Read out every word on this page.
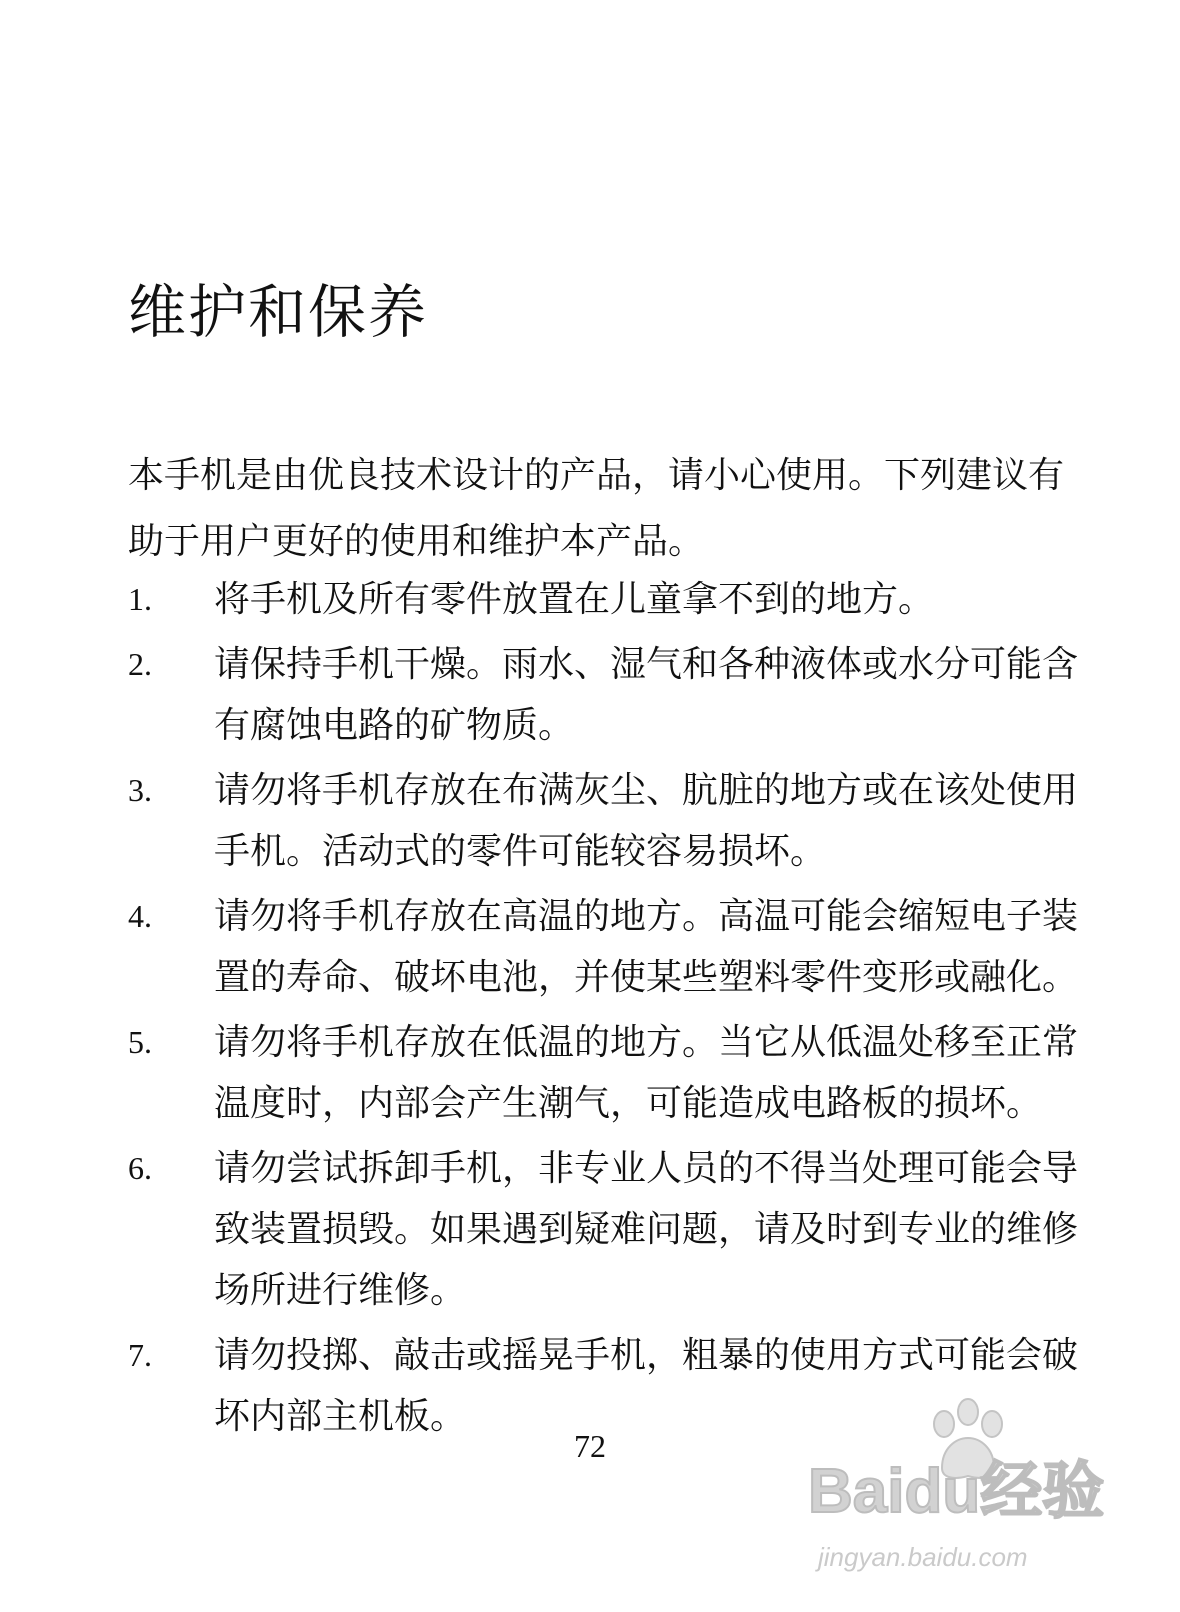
维护和保养

本手机是由优良技术设计的产品，请小心使用。下列建议有助于用户更好的使用和维护本产品。

1. 将手机及所有零件放置在儿童拿不到的地方。
2. 请保持手机干燥。雨水、湿气和各种液体或水分可能含有腐蚀电路的矿物质。
3. 请勿将手机存放在布满灰尘、肮脏的地方或在该处使用手机。活动式的零件可能较容易损坏。
4. 请勿将手机存放在高温的地方。高温可能会缩短电子装置的寿命、破坏电池，并使某些塑料零件变形或融化。
5. 请勿将手机存放在低温的地方。当它从低温处移至正常温度时，内部会产生潮气，可能造成电路板的损坏。
6. 请勿尝试拆卸手机，非专业人员的不得当处理可能会导致装置损毁。如果遇到疑难问题，请及时到专业的维修场所进行维修。
7. 请勿投掷、敲击或摇晃手机，粗暴的使用方式可能会破坏内部主机板。
72
Baidu经验
jingyan.baidu.com
